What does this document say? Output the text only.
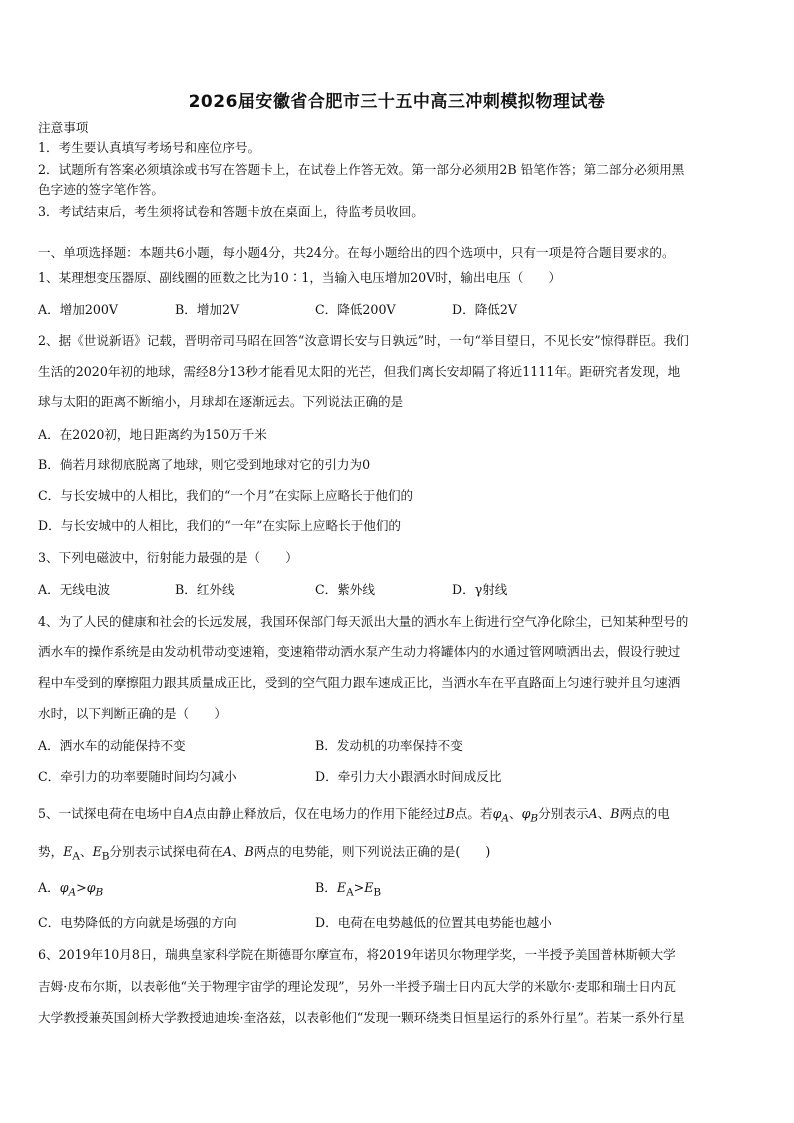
2026届安徽省合肥市三十五中高三冲刺模拟物理试卷
注意事项
1．考生要认真填写考场号和座位序号。
2．试题所有答案必须填涂或书写在答题卡上，在试卷上作答无效。第一部分必须用2B 铅笔作答；第二部分必须用黑
色字迹的签字笔作答。
3．考试结束后，考生须将试卷和答题卡放在桌面上，待监考员收回。
一、单项选择题：本题共6小题，每小题4分，共24分。在每小题给出的四个选项中，只有一项是符合题目要求的。
1、某理想变压器原、副线圈的匝数之比为10∶1，当输入电压增加20V时，输出电压（　　）
A．增加200V	B．增加2V	C．降低200V	D．降低2V
2、据《世说新语》记载，晋明帝司马昭在回答“汝意谓长安与日孰远”时，一句“举目望日，不见长安”惊得群臣。我们
生活的2020年初的地球，需经8分13秒才能看见太阳的光芒，但我们离长安却隔了将近1111年。距研究者发现，地
球与太阳的距离不断缩小，月球却在逐渐远去。下列说法正确的是
A．在2020初，地日距离约为150万千米
B．倘若月球彻底脱离了地球，则它受到地球对它的引力为0
C．与长安城中的人相比，我们的“一个月”在实际上应略长于他们的
D．与长安城中的人相比，我们的“一年”在实际上应略长于他们的
3、下列电磁波中，衍射能力最强的是（　　）
A．无线电波	B．红外线	C．紫外线	D．γ射线
4、为了人民的健康和社会的长远发展，我国环保部门每天派出大量的洒水车上街进行空气净化除尘，已知某种型号的
洒水车的操作系统是由发动机带动变速箱，变速箱带动洒水泵产生动力将罐体内的水通过管网喷洒出去，假设行驶过
程中车受到的摩擦阻力跟其质量成正比，受到的空气阻力跟车速成正比，当洒水车在平直路面上匀速行驶并且匀速洒
水时，以下判断正确的是（　　）
A．洒水车的动能保持不变	B．发动机的功率保持不变
C．牵引力的功率要随时间均匀减小	D．牵引力大小跟洒水时间成反比
5、一试探电荷在电场中自A点由静止释放后，仅在电场力的作用下能经过B点。若$\varphi_A$、$\varphi_B$分别表示A、B两点的电
势，$E_A$、$E_B$分别表示试探电荷在A、B两点的电势能，则下列说法正确的是(　　)
A．$\varphi_A>\varphi_B$	B．$E_A>E_B$
C．电势降低的方向就是场强的方向	D．电荷在电势越低的位置其电势能也越小
6、2019年10月8日，瑞典皇家科学院在斯德哥尔摩宣布，将2019年诺贝尔物理学奖，一半授予美国普林斯顿大学
吉姆·皮布尔斯，以表彰他“关于物理宇宙学的理论发现”，另外一半授予瑞士日内瓦大学的米歇尔·麦耶和瑞士日内瓦
大学教授兼英国剑桥大学教授迪迪埃·奎洛兹，以表彰他们“发现一颗环绕类日恒星运行的系外行星”。若某一系外行星
